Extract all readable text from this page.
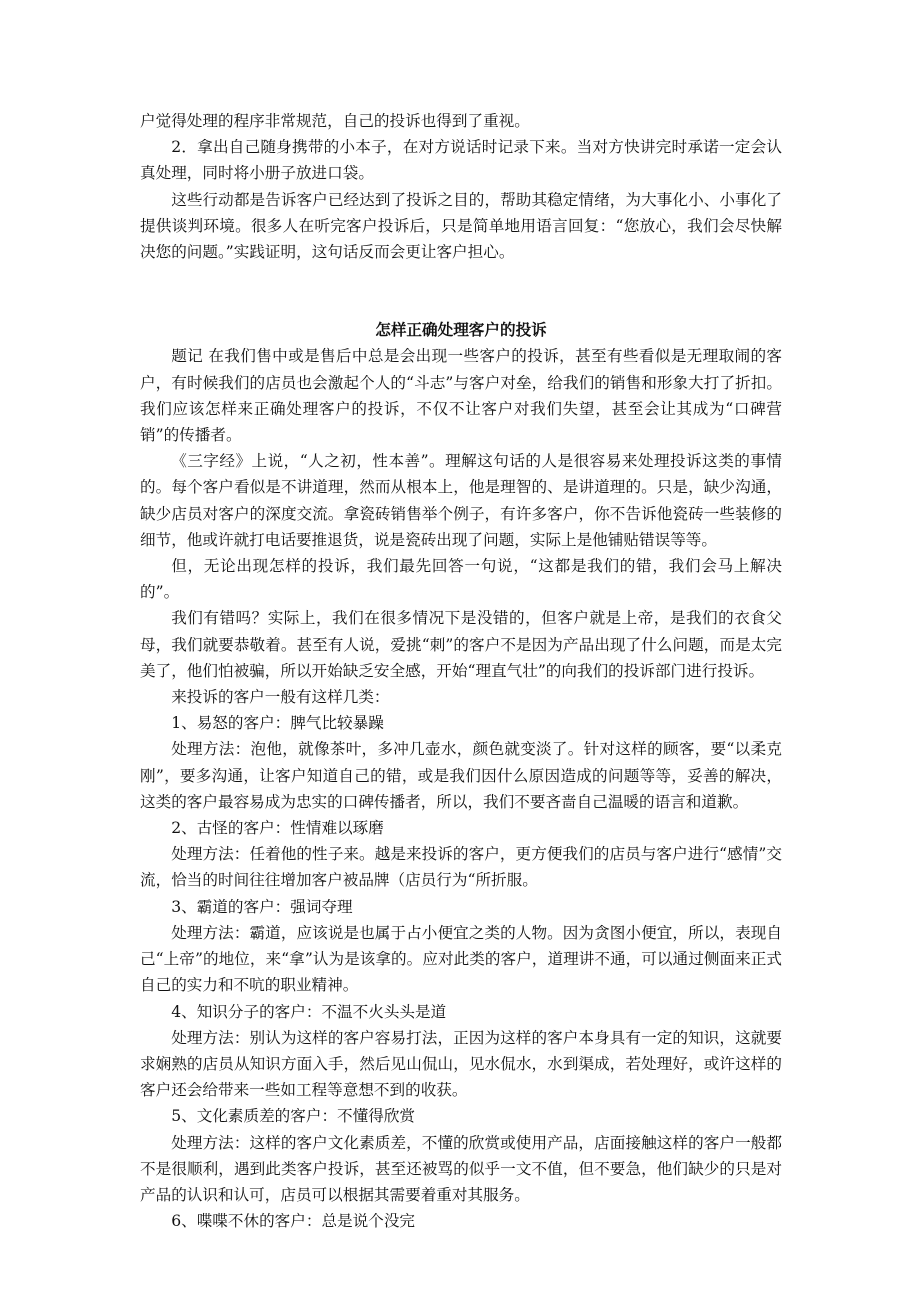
户觉得处理的程序非常规范，自己的投诉也得到了重视。

2．拿出自己随身携带的小本子，在对方说话时记录下来。当对方快讲完时承诺一定会认真处理，同时将小册子放进口袋。

这些行动都是告诉客户已经达到了投诉之目的，帮助其稳定情绪，为大事化小、小事化了提供谈判环境。很多人在听完客户投诉后，只是简单地用语言回复：“您放心，我们会尽快解决您的问题。”实践证明，这句话反而会更让客户担心。

怎样正确处理客户的投诉

题记 在我们售中或是售后中总是会出现一些客户的投诉，甚至有些看似是无理取闹的客户，有时候我们的店员也会激起个人的“斗志”与客户对垒，给我们的销售和形象大打了折扣。我们应该怎样来正确处理客户的投诉，不仅不让客户对我们失望，甚至会让其成为“口碑营销”的传播者。

《三字经》上说，“人之初，性本善”。理解这句话的人是很容易来处理投诉这类的事情的。每个客户看似是不讲道理，然而从根本上，他是理智的、是讲道理的。只是，缺少沟通，缺少店员对客户的深度交流。拿瓷砖销售举个例子，有许多客户，你不告诉他瓷砖一些装修的细节，他或许就打电话要推退货，说是瓷砖出现了问题，实际上是他铺贴错误等等。

但，无论出现怎样的投诉，我们最先回答一句说，“这都是我们的错，我们会马上解决的”。

我们有错吗？实际上，我们在很多情况下是没错的，但客户就是上帝，是我们的衣食父母，我们就要恭敬着。甚至有人说，爱挑“刺”的客户不是因为产品出现了什么问题，而是太完美了，他们怕被骗，所以开始缺乏安全感，开始“理直气壮”的向我们的投诉部门进行投诉。

来投诉的客户一般有这样几类：

1、易怒的客户：脾气比较暴躁

处理方法：泡他，就像茶叶，多冲几壶水，颜色就变淡了。针对这样的顾客，要“以柔克刚”，要多沟通，让客户知道自己的错，或是我们因什么原因造成的问题等等，妥善的解决，这类的客户最容易成为忠实的口碑传播者，所以，我们不要吝啬自己温暖的语言和道歉。

2、古怪的客户：性情难以琢磨

处理方法：任着他的性子来。越是来投诉的客户，更方便我们的店员与客户进行“感情”交流，恰当的时间往往增加客户被品牌（店员行为“所折服。

3、霸道的客户：强词夺理

处理方法：霸道，应该说是也属于占小便宜之类的人物。因为贪图小便宜，所以，表现自己“上帝”的地位，来“拿”认为是该拿的。应对此类的客户，道理讲不通，可以通过侧面来正式自己的实力和不吭的职业精神。

4、知识分子的客户：不温不火头头是道

处理方法：别认为这样的客户容易打法，正因为这样的客户本身具有一定的知识，这就要求娴熟的店员从知识方面入手，然后见山侃山，见水侃水，水到渠成，若处理好，或许这样的客户还会给带来一些如工程等意想不到的收获。

5、文化素质差的客户：不懂得欣赏

处理方法：这样的客户文化素质差，不懂的欣赏或使用产品，店面接触这样的客户一般都不是很顺利，遇到此类客户投诉，甚至还被骂的似乎一文不值，但不要急，他们缺少的只是对产品的认识和认可，店员可以根据其需要着重对其服务。

6、喋喋不休的客户：总是说个没完
